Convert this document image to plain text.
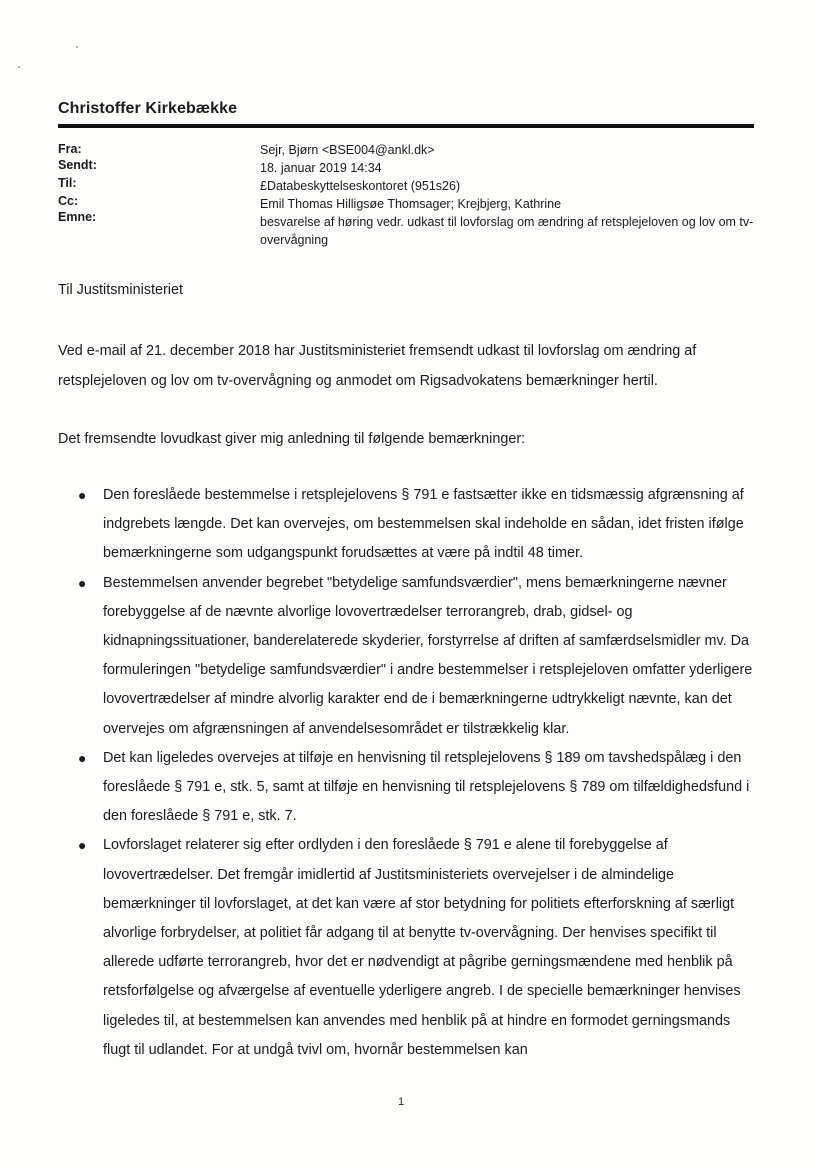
Christoffer Kirkebække
Fra:	Sejr, Bjørn <BSE004@ankl.dk>
Sendt:	18. januar 2019 14:34
Til:	£Databeskyttelseskontoret (951s26)
Cc:	Emil Thomas Hilligsøe Thomsager; Krejbjerg, Kathrine
Emne:	besvarelse af høring vedr. udkast til lovforslag om ændring af retsplejeloven og lov om tv-overvågning
Til Justitsministeriet
Ved e-mail af 21. december 2018 har Justitsministeriet fremsendt udkast til lovforslag om ændring af retsplejeloven og lov om tv-overvågning og anmodet om Rigsadvokatens bemærkninger hertil.
Det fremsendte lovudkast giver mig anledning til følgende bemærkninger:
● Den foreslåede bestemmelse i retsplejelovens § 791 e fastsætter ikke en tidsmæssig afgrænsning af indgrebets længde. Det kan overvejes, om bestemmelsen skal indeholde en sådan, idet fristen ifølge bemærkningerne som udgangspunkt forudsættes at være på indtil 48 timer.
● Bestemmelsen anvender begrebet "betydelige samfundsværdier", mens bemærkningerne nævner forebyggelse af de nævnte alvorlige lovovertrædelser terrorangreb, drab, gidsel- og kidnapningssituationer, banderelaterede skyderier, forstyrrelse af driften af samfærdselsmidler mv. Da formuleringen "betydelige samfundsværdier" i andre bestemmelser i retsplejeloven omfatter yderligere lovovertrædelser af mindre alvorlig karakter end de i bemærkningerne udtrykkeligt nævnte, kan det overvejes om afgrænsningen af anvendelsesområdet er tilstrækkelig klar.
● Det kan ligeledes overvejes at tilføje en henvisning til retsplejelovens § 189 om tavshedspålæg i den foreslåede § 791 e, stk. 5, samt at tilføje en henvisning til retsplejelovens § 789 om tilfældighedsfund i den foreslåede § 791 e, stk. 7.
● Lovforslaget relaterer sig efter ordlyden i den foreslåede § 791 e alene til forebyggelse af lovovertrædelser. Det fremgår imidlertid af Justitsministeriets overvejelser i de almindelige bemærkninger til lovforslaget, at det kan være af stor betydning for politiets efterforskning af særligt alvorlige forbrydelser, at politiet får adgang til at benytte tv-overvågning. Der henvises specifikt til allerede udførte terrorangreb, hvor det er nødvendigt at pågribe gerningsmændene med henblik på retsforfølgelse og afværgelse af eventuelle yderligere angreb. I de specielle bemærkninger henvises ligeledes til, at bestemmelsen kan anvendes med henblik på at hindre en formodet gerningsmands flugt til udlandet. For at undgå tvivl om, hvornår bestemmelsen kan
1
